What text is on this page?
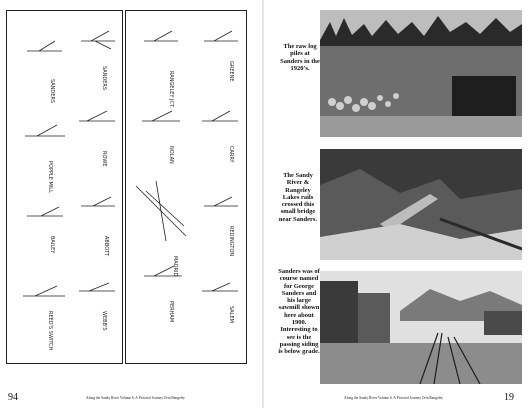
SANDERS
POPPLE MILL
BAILEY
REED'S SWITCH
SANDERS
ROWE
ABBOTT
WEBB'S
RANGELEY JCT.
NOLAN
MADRID
PERHAM
GREENE
CARRY
REDINGTON
SALEM
94	Along the Sandy River Volume 6, A Pictorial Journey Orin Rangeley
The raw log piles at Sanders in the 1920's.
The Sandy River & Rangeley Lakes rails crossed this small bridge near Sanders.
Sanders was of course named for George Sanders and his large sawmill shown here about 1900. Interesting to see is the passing siding is below grade.
19
Along the Sandy River Volume 6, A Pictorial Journey Orin Rangeley
